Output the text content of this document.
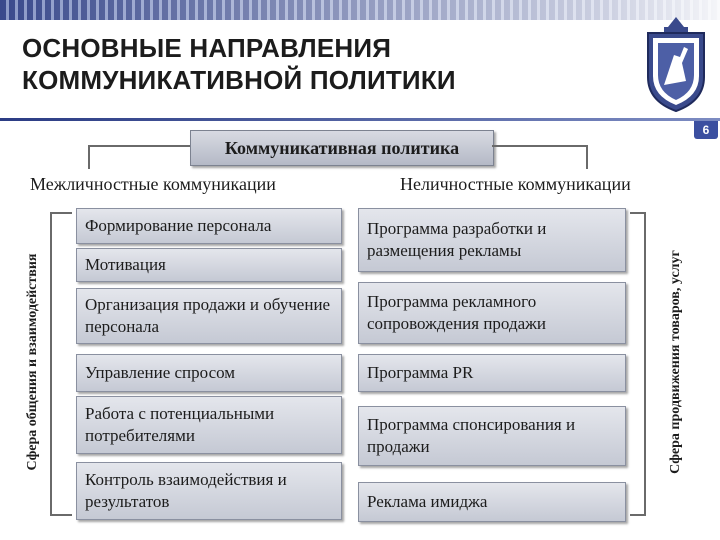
ОСНОВНЫЕ НАПРАВЛЕНИЯ
КОММУНИКАТИВНОЙ ПОЛИТИКИ
6
Коммуникативная политика
Межличностные коммуникации	Неличностные коммуникации
Сфера общения и взаимодействия	Сфера продвижения товаров, услуг
Формирование персонала
Мотивация
Организация продажи и обучение персонала
Управление спросом
Работа с потенциальными потребителями
Контроль взаимодействия и результатов
Программа разработки и размещения рекламы
Программа рекламного сопровождения продажи
Программа PR
Программа спонсирования и продажи
Реклама имиджа
